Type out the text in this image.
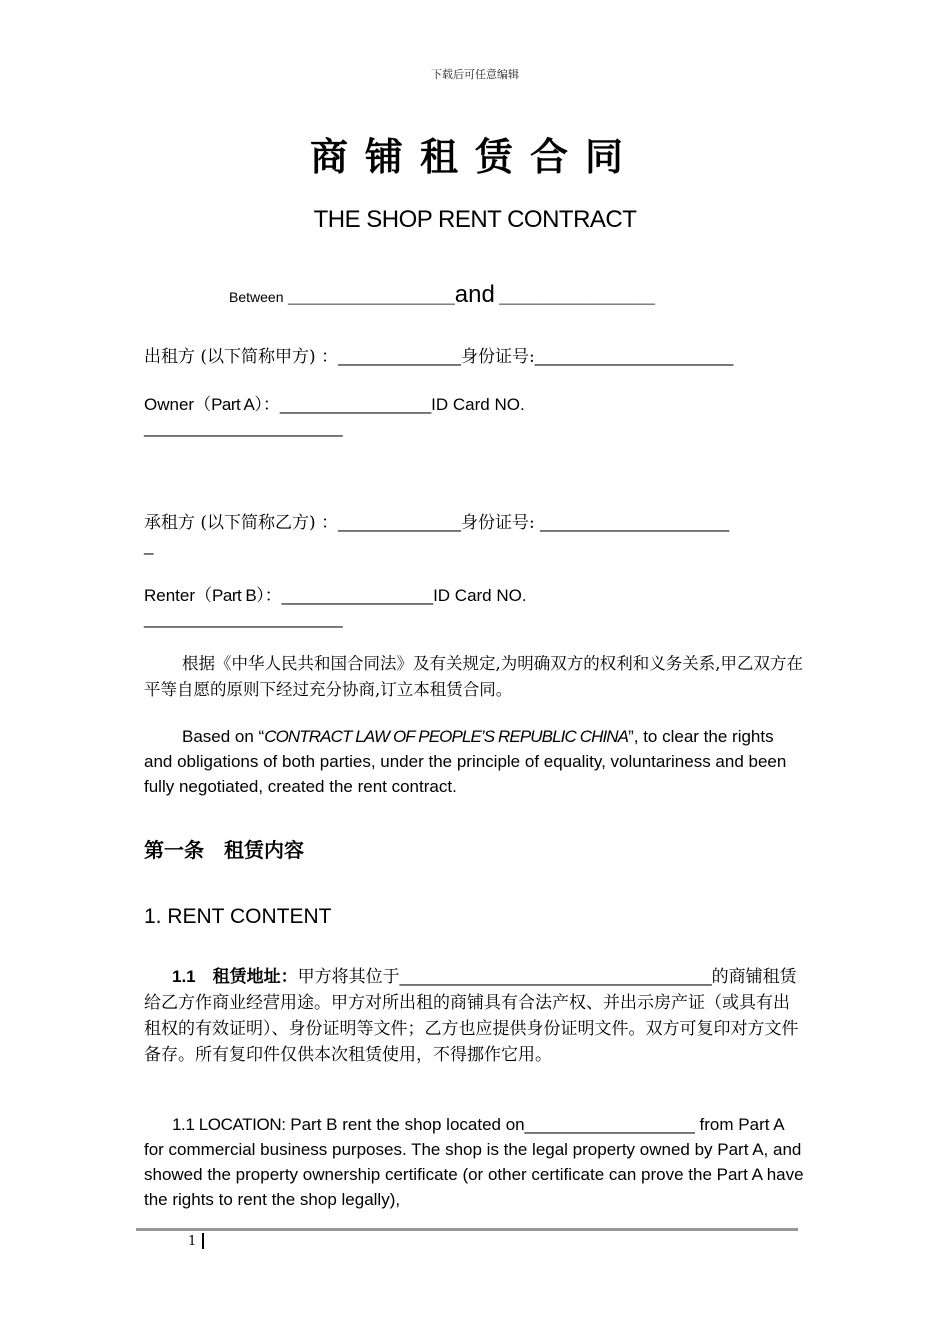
下载后可任意编辑
商铺租赁合同
THE SHOP RENT CONTRACT
Between _______________and ______________
出租方 (以下简称甲方) ：_____________身份证号:_____________________
Owner（Part A）：________________ID Card NO.
_____________________
承租方 (以下简称乙方) ：_____________身份证号: ____________________
_
Renter（Part B）：________________ID Card NO.
_____________________
根据《中华人民共和国合同法》及有关规定,为明确双方的权利和义务关系,甲乙双方在平等自愿的原则下经过充分协商,订立本租赁合同。
Based on “CONTRACT LAW OF PEOPLE’S REPUBLIC CHINA”, to clear the rights and obligations of both parties, under the principle of equality, voluntariness and been fully negotiated, created the rent contract.
第一条　租赁内容
1. RENT CONTENT
1.1　租赁地址：甲方将其位于_________________________________的商铺租赁给乙方作商业经营用途。甲方对所出租的商铺具有合法产权、并出示房产证（或具有出租权的有效证明）、身份证明等文件；乙方也应提供身份证明文件。双方可复印对方文件备存。所有复印件仅供本次租赁使用，不得挪作它用。
1.1 LOCATION: Part B rent the shop located on__________________ from Part A for commercial business purposes. The shop is the legal property owned by Part A, and showed the property ownership certificate (or other certificate can prove the Part A have the rights to rent the shop legally),
1
